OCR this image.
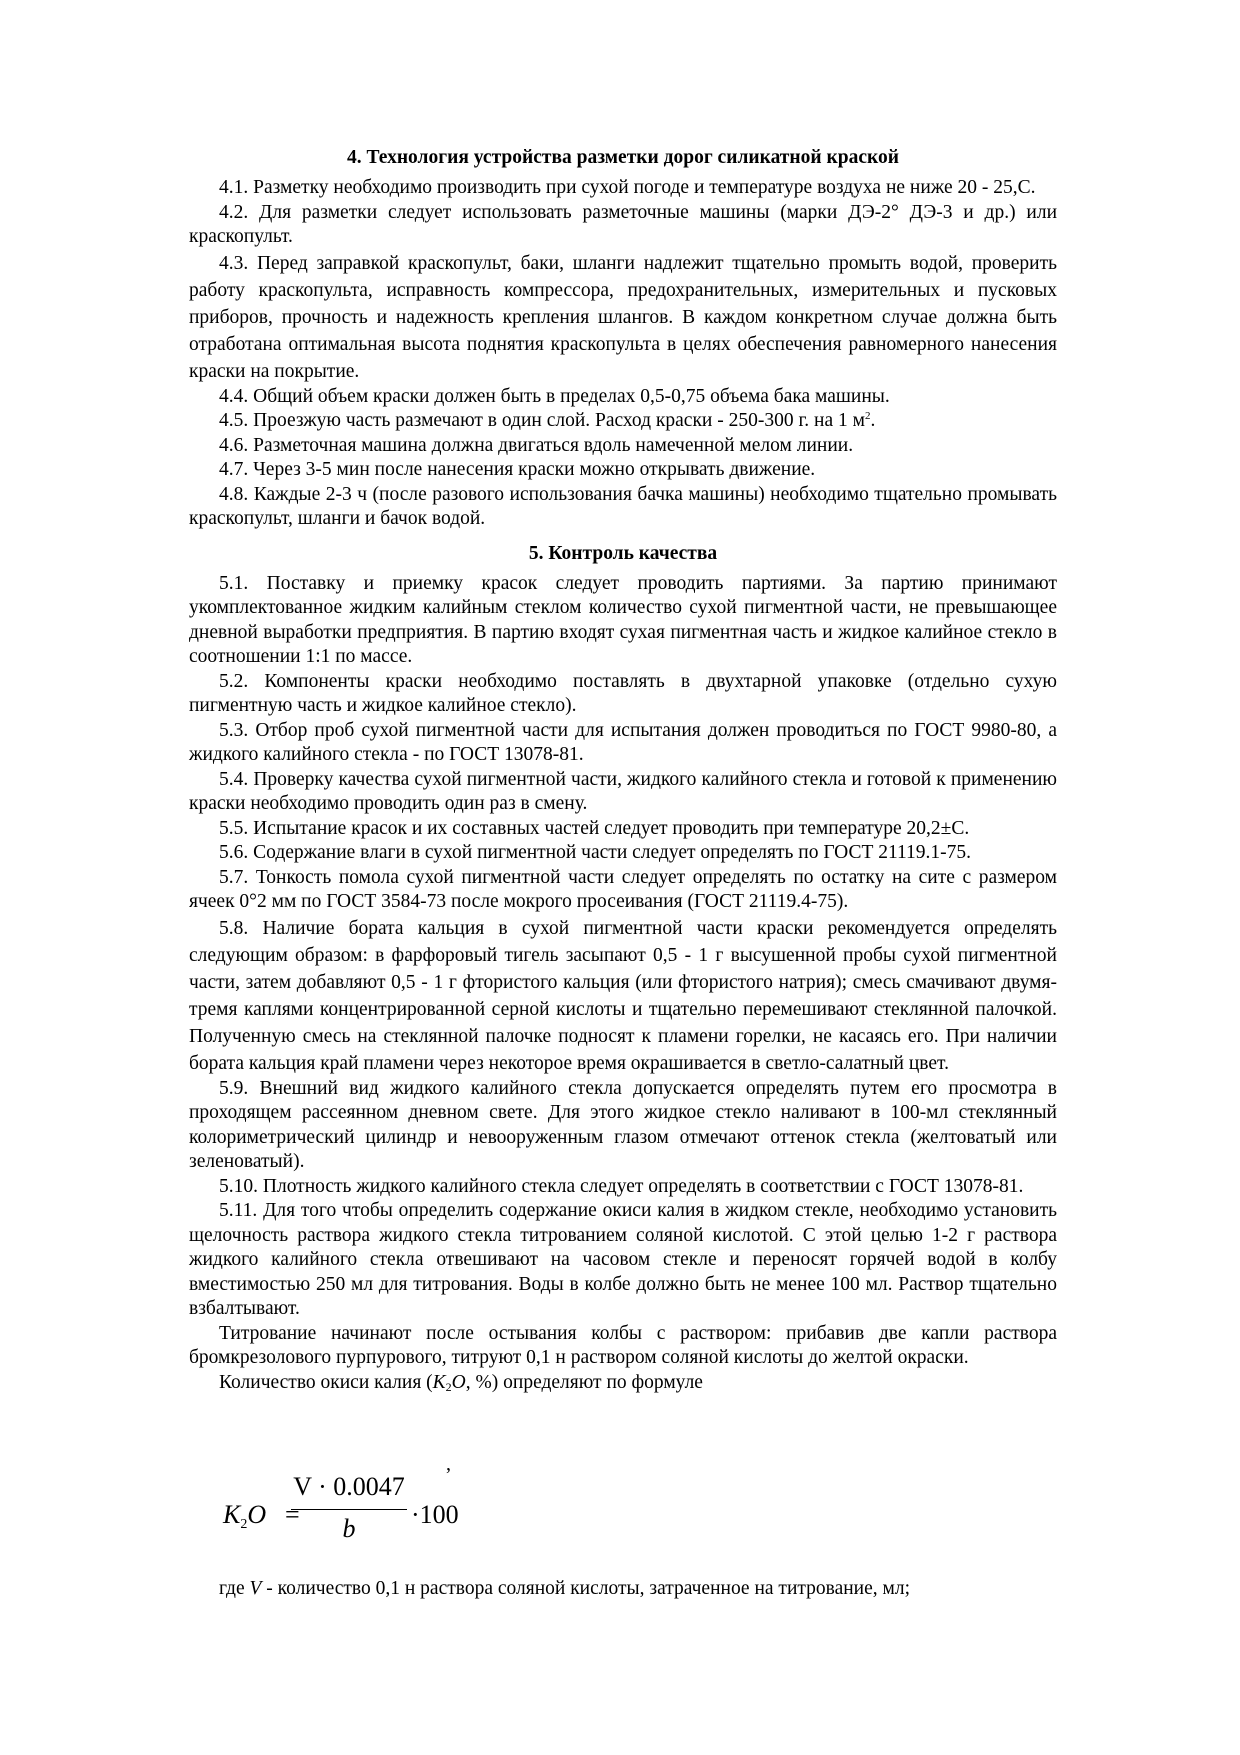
4. Технология устройства разметки дорог силикатной краской

4.1. Разметку необходимо производить при сухой погоде и температуре воздуха не ниже 20 - 25,С.

4.2. Для разметки следует использовать разметочные машины (марки ДЭ-2° ДЭ-3 и др.) или краскопульт.

4.3. Перед заправкой краскопульт, баки, шланги надлежит тщательно промыть водой, проверить работу краскопульта, исправность компрессора, предохранительных, измерительных и пусковых приборов, прочность и надежность крепления шлангов. В каждом конкретном случае должна быть отработана оптимальная высота поднятия краскопульта в целях обеспечения равномерного нанесения краски на покрытие.

4.4. Общий объем краски должен быть в пределах 0,5-0,75 объема бака машины.

4.5. Проезжую часть размечают в один слой. Расход краски - 250-300 г. на 1 $м^2$.

4.6. Разметочная машина должна двигаться вдоль намеченной мелом линии.

4.7. Через 3-5 мин после нанесения краски можно открывать движение.

4.8. Каждые 2-3 ч (после разового использования бачка машины) необходимо тщательно промывать краскопульт, шланги и бачок водой.

5. Контроль качества

5.1. Поставку и приемку красок следует проводить партиями. За партию принимают укомплектованное жидким калийным стеклом количество сухой пигментной части, не превышающее дневной выработки предприятия. В партию входят сухая пигментная часть и жидкое калийное стекло в соотношении 1:1 по массе.

5.2. Компоненты краски необходимо поставлять в двухтарной упаковке (отдельно сухую пигментную часть и жидкое калийное стекло).

5.3. Отбор проб сухой пигментной части для испытания должен проводиться по ГОСТ 9980-80, а жидкого калийного стекла - по ГОСТ 13078-81.

5.4. Проверку качества сухой пигментной части, жидкого калийного стекла и готовой к применению краски необходимо проводить один раз в смену.

5.5. Испытание красок и их составных частей следует проводить при температуре 20,2±С.

5.6. Содержание влаги в сухой пигментной части следует определять по ГОСТ 21119.1-75.

5.7. Тонкость помола сухой пигментной части следует определять по остатку на сите с размером ячеек 0°2 мм по ГОСТ 3584-73 после мокрого просеивания (ГОСТ 21119.4-75).

5.8. Наличие бората кальция в сухой пигментной части краски рекомендуется определять следующим образом: в фарфоровый тигель засыпают 0,5 - 1 г высушенной пробы сухой пигментной части, затем добавляют 0,5 - 1 г фтористого кальция (или фтористого натрия); смесь смачивают двумя-тремя каплями концентрированной серной кислоты и тщательно перемешивают стеклянной палочкой. Полученную смесь на стеклянной палочке подносят к пламени горелки, не касаясь его. При наличии бората кальция край пламени через некоторое время окрашивается в светло-салатный цвет.

5.9. Внешний вид жидкого калийного стекла допускается определять путем его просмотра в проходящем рассеянном дневном свете. Для этого жидкое стекло наливают в 100-мл стеклянный колориметрический цилиндр и невооруженным глазом отмечают оттенок стекла (желтоватый или зеленоватый).

5.10. Плотность жидкого калийного стекла следует определять в соответствии с ГОСТ 13078-81.

5.11. Для того чтобы определить содержание окиси калия в жидком стекле, необходимо установить щелочность раствора жидкого стекла титрованием соляной кислотой. С этой целью 1-2 г раствора жидкого калийного стекла отвешивают на часовом стекле и переносят горячей водой в колбу вместимостью 250 мл для титрования. Воды в колбе должно быть не менее 100 мл. Раствор тщательно взбалтывают.

Титрование начинают после остывания колбы с раствором: прибавив две капли раствора бромкрезолового пурпурового, титруют 0,1 н раствором соляной кислоты до желтой окраски.

Количество окиси калия ($K_2O$, %) определяют по формуле

,
$K_2O$ =
V · 0.0047
b	·100
где V - количество 0,1 н раствора соляной кислоты, затраченное на титрование, мл;
